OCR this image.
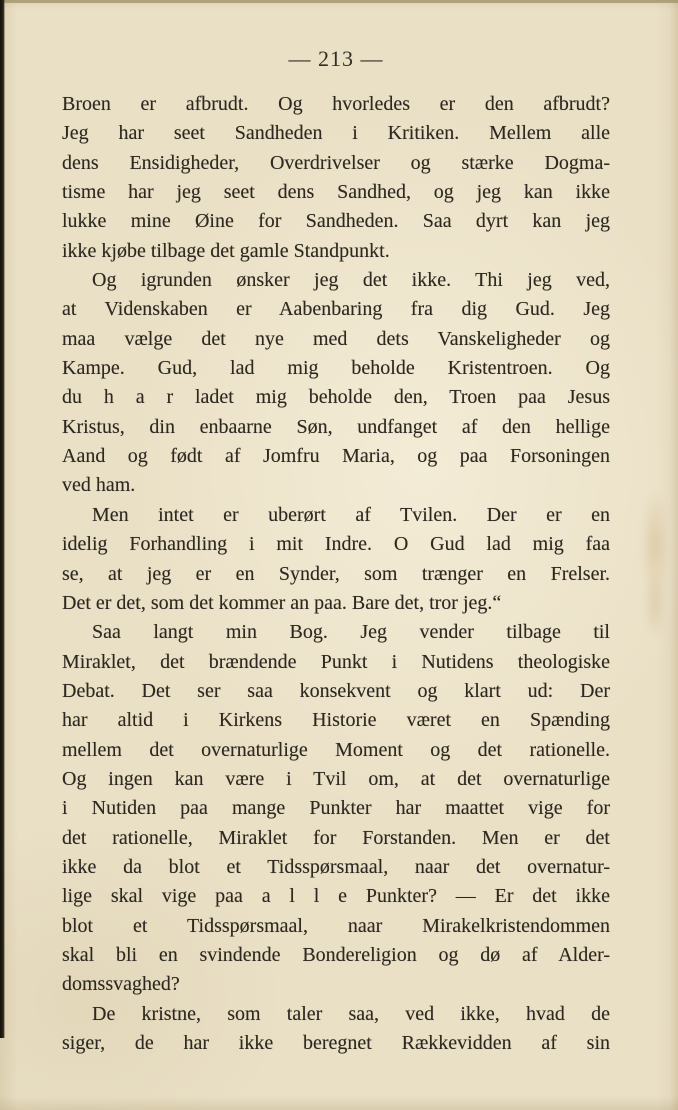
— 213 —
Broen er afbrudt. Og hvorledes er den afbrudt?
Jeg har seet Sandheden i Kritiken. Mellem alle
dens Ensidigheder, Overdrivelser og stærke Dogma-
tisme har jeg seet dens Sandhed, og jeg kan ikke
lukke mine Øine for Sandheden. Saa dyrt kan jeg
ikke kjøbe tilbage det gamle Standpunkt.
Og igrunden ønsker jeg det ikke. Thi jeg ved,
at Videnskaben er Aabenbaring fra dig Gud. Jeg
maa vælge det nye med dets Vanskeligheder og
Kampe. Gud, lad mig beholde Kristentroen. Og
du h a r ladet mig beholde den, Troen paa Jesus
Kristus, din enbaarne Søn, undfanget af den hellige
Aand og født af Jomfru Maria, og paa Forsoningen
ved ham.
Men intet er uberørt af Tvilen. Der er en
idelig Forhandling i mit Indre. O Gud lad mig faa
se, at jeg er en Synder, som trænger en Frelser.
Det er det, som det kommer an paa. Bare det, tror jeg.“
Saa langt min Bog. Jeg vender tilbage til
Miraklet, det brændende Punkt i Nutidens theologiske
Debat. Det ser saa konsekvent og klart ud: Der
har altid i Kirkens Historie været en Spænding
mellem det overnaturlige Moment og det rationelle.
Og ingen kan være i Tvil om, at det overnaturlige
i Nutiden paa mange Punkter har maattet vige for
det rationelle, Miraklet for Forstanden. Men er det
ikke da blot et Tidsspørsmaal, naar det overnatur-
lige skal vige paa a l l e Punkter? — Er det ikke
blot et Tidsspørsmaal, naar Mirakelkristendommen
skal bli en svindende Bondereligion og dø af Alder-
domssvaghed?
De kristne, som taler saa, ved ikke, hvad de
siger, de har ikke beregnet Rækkevidden af sin
